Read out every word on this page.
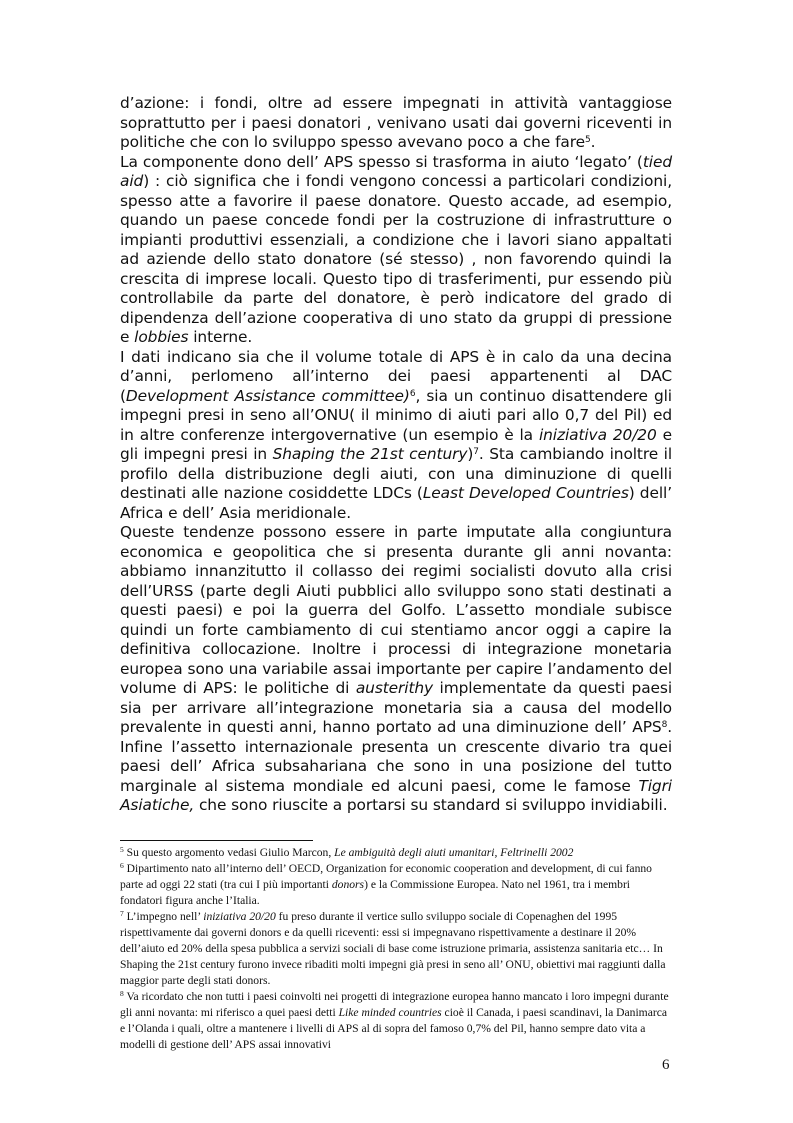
d’azione: i fondi, oltre ad essere impegnati in attività vantaggiose soprattutto per i paesi donatori , venivano usati dai governi riceventi in politiche che con lo sviluppo spesso avevano poco a che fare$^5$.

La componente dono dell’ APS spesso si trasforma in aiuto ‘legato’ (tied aid) : ciò significa che i fondi vengono concessi a particolari condizioni, spesso atte a favorire il paese donatore. Questo accade, ad esempio, quando un paese concede fondi per la costruzione di infrastrutture o impianti produttivi essenziali, a condizione che i lavori siano appaltati ad aziende dello stato donatore (sé stesso) , non favorendo quindi la crescita di imprese locali. Questo tipo di trasferimenti, pur essendo più controllabile da parte del donatore, è però indicatore del grado di dipendenza dell’azione cooperativa di uno stato da gruppi di pressione e lobbies interne.

I dati indicano sia che il volume totale di APS è in calo da una decina d’anni, perlomeno all’interno dei paesi appartenenti al DAC (Development Assistance committee)$^6$, sia un continuo disattendere gli impegni presi in seno all’ONU( il minimo di aiuti pari allo 0,7 del Pil) ed in altre conferenze intergovernative (un esempio è la iniziativa 20/20 e gli impegni presi in Shaping the 21st century)$^7$. Sta cambiando inoltre il profilo della distribuzione degli aiuti, con una diminuzione di quelli destinati alle nazione cosiddette LDCs (Least Developed Countries) dell’ Africa e dell’ Asia meridionale.

Queste tendenze possono essere in parte imputate alla congiuntura economica e geopolitica che si presenta durante gli anni novanta: abbiamo innanzitutto il collasso dei regimi socialisti dovuto alla crisi dell’URSS (parte degli Aiuti pubblici allo sviluppo sono stati destinati a questi paesi) e poi la guerra del Golfo. L’assetto mondiale subisce quindi un forte cambiamento di cui stentiamo ancor oggi a capire la definitiva collocazione. Inoltre i processi di integrazione monetaria europea sono una variabile assai importante per capire l’andamento del volume di APS: le politiche di austerithy implementate da questi paesi sia per arrivare all’integrazione monetaria sia a causa del modello prevalente in questi anni, hanno portato ad una diminuzione dell’ APS$^8$. Infine l’assetto internazionale presenta un crescente divario tra quei paesi dell’ Africa subsahariana che sono in una posizione del tutto marginale al sistema mondiale ed alcuni paesi, come le famose Tigri Asiatiche, che sono riuscite a portarsi su standard si sviluppo invidiabili.

$^5$ Su questo argomento vedasi Giulio Marcon, Le ambiguità degli aiuti umanitari, Feltrinelli 2002

$^6$ Dipartimento nato all’interno dell’ OECD, Organization for economic cooperation and development, di cui fanno parte ad oggi 22 stati (tra cui I più importanti donors) e la Commissione Europea. Nato nel 1961, tra i membri fondatori figura anche l’Italia.

$^7$ L’impegno nell’ iniziativa 20/20 fu preso durante il vertice sullo sviluppo sociale di Copenaghen del 1995 rispettivamente dai governi donors e da quelli riceventi: essi si impegnavano rispettivamente a destinare il 20% dell’aiuto ed 20% della spesa pubblica a servizi sociali di base come istruzione primaria, assistenza sanitaria etc… In Shaping the 21st century furono invece ribaditi molti impegni già presi in seno all’ ONU, obiettivi mai raggiunti dalla maggior parte degli stati donors.

$^8$ Va ricordato che non tutti i paesi coinvolti nei progetti di integrazione europea hanno mancato i loro impegni durante gli anni novanta: mi riferisco a quei paesi detti Like minded countries cioè il Canada, i paesi scandinavi, la Danimarca e l’Olanda i quali, oltre a mantenere i livelli di APS al di sopra del famoso 0,7% del Pil, hanno sempre dato vita a modelli di gestione dell’ APS assai innovativi

6
